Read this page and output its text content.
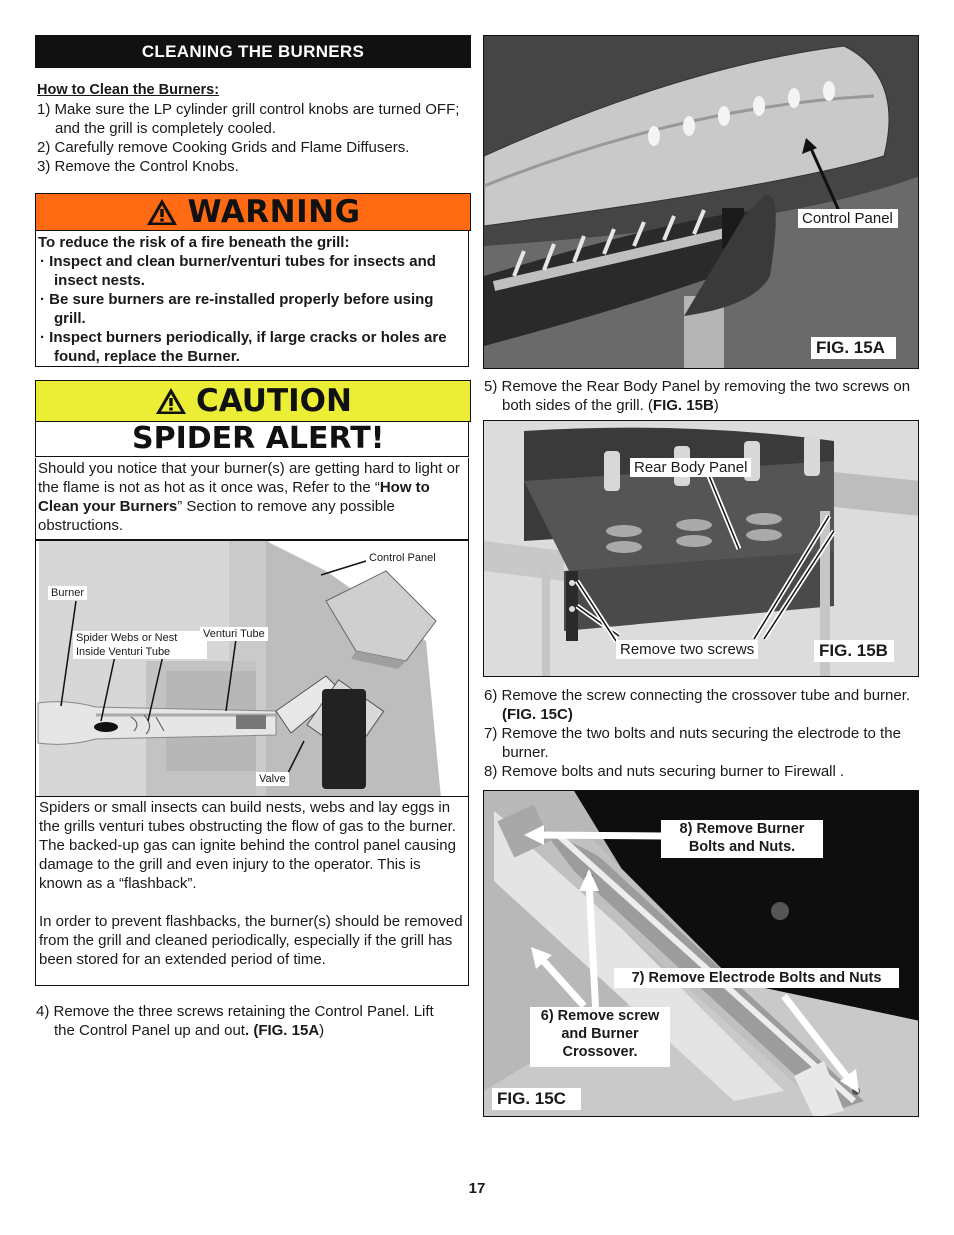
CLEANING THE BURNERS
How to Clean the Burners:
1) Make sure the LP cylinder grill control knobs are turned OFF; and the grill is completely cooled.
2) Carefully remove Cooking Grids and Flame Diffusers.
3) Remove the Control Knobs.
WARNING
To reduce the risk of a fire beneath the grill:
· Inspect and clean burner/venturi tubes for insects and insect nests.
· Be sure burners are re-installed properly before using grill.
· Inspect burners periodically, if large cracks or holes are found, replace the Burner.
CAUTION
SPIDER ALERT!
Should you notice that your burner(s) are getting hard to light or the flame is not as hot as it once was, Refer to the “How to Clean your Burners” Section to remove any possible obstructions.
Control Panel
Burner
Spider Webs or Nest
Inside Venturi Tube
Venturi Tube
Valve
Spiders or small insects can build nests, webs and lay eggs in the grills venturi tubes obstructing the flow of gas to the burner. The backed-up gas can ignite behind the control panel causing damage to the grill and even injury to the operator. This is known as a “flashback”.
In order to prevent flashbacks, the burner(s) should be removed from the grill and cleaned periodically, especially if the grill has been stored for an extended period of time.
4) Remove the three screws retaining the Control Panel. Lift the Control Panel up and out. (FIG. 15A)
Control Panel
FIG. 15A
5) Remove the Rear Body Panel by removing the two screws on both sides of the grill. (FIG. 15B)
Rear Body Panel
Remove two screws	FIG. 15B
6) Remove the screw connecting the crossover tube and burner. (FIG. 15C)
7) Remove the two bolts and nuts securing the electrode to the burner.
8) Remove bolts and nuts securing burner to Firewall .
8) Remove Burner
Bolts and Nuts.
7) Remove Electrode Bolts and Nuts
6) Remove screw
and Burner
Crossover.
FIG. 15C
17
